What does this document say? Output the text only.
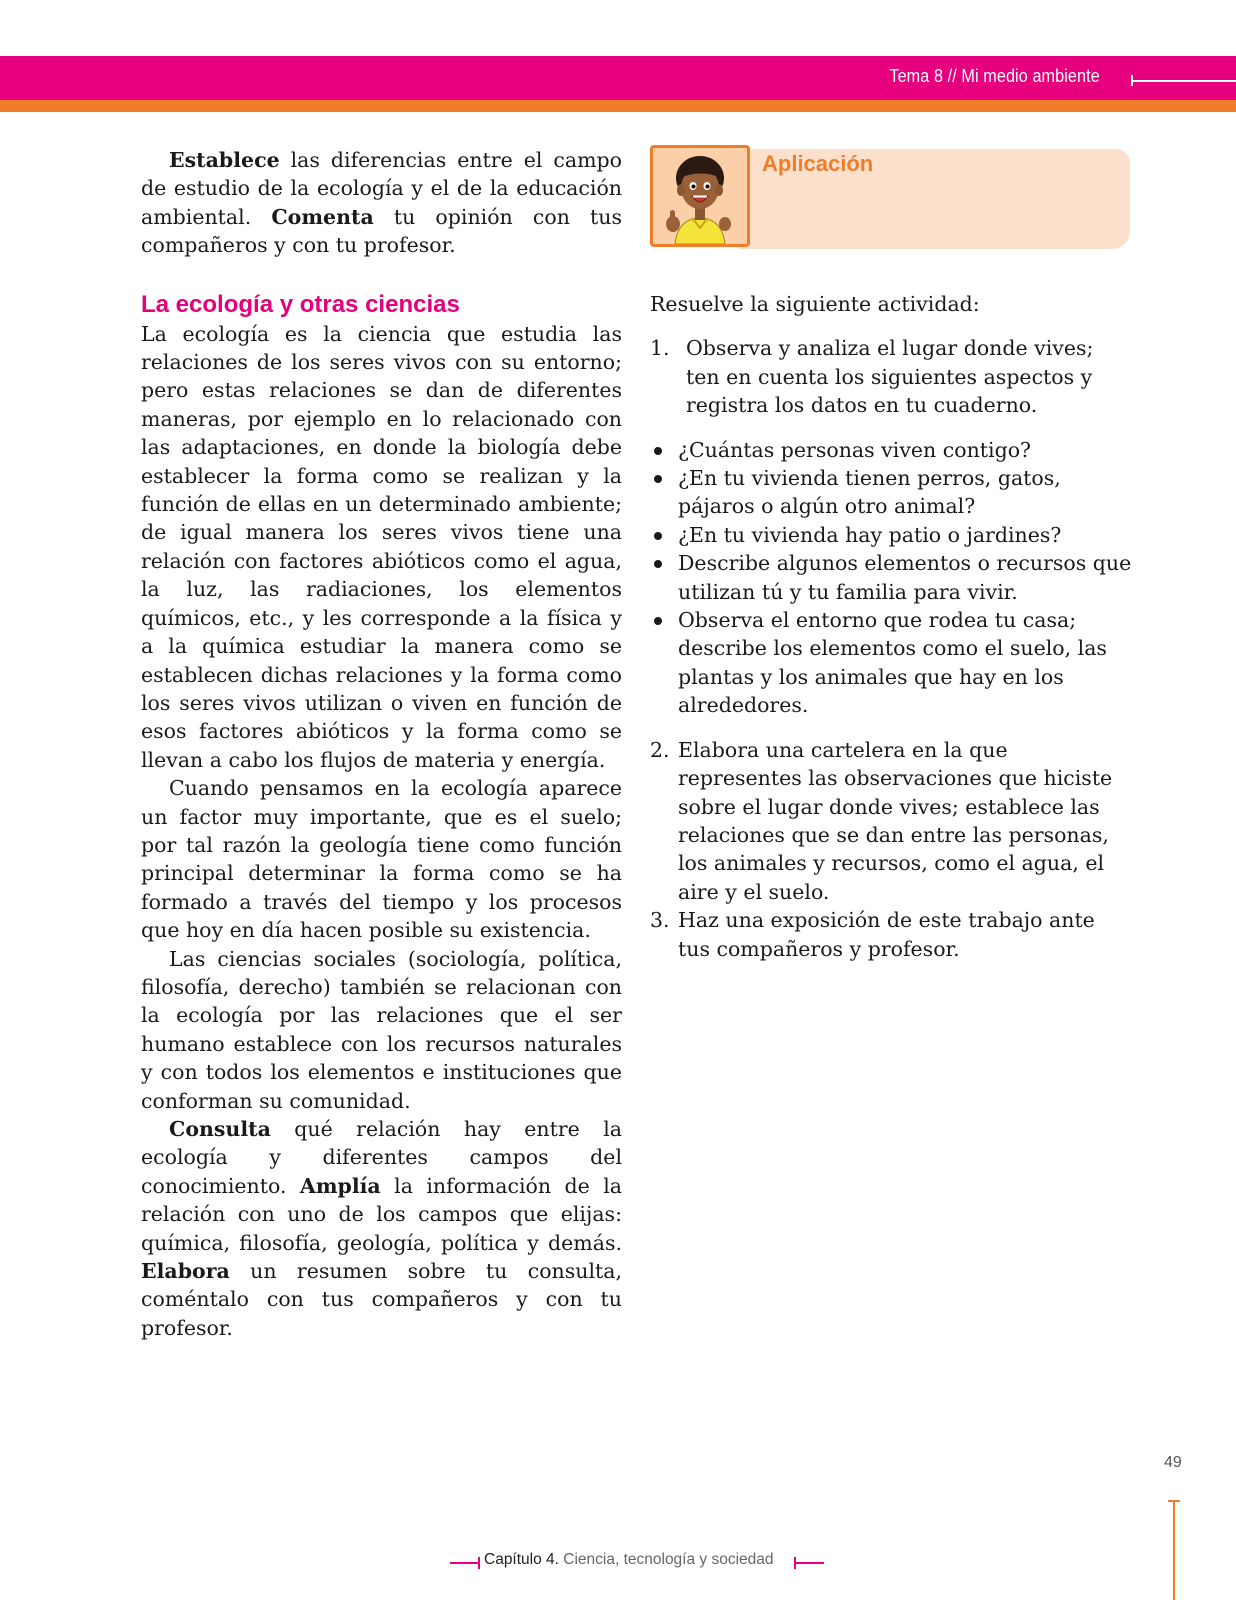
Tema 8 // Mi medio ambiente

Establece las diferencias entre el campo de estudio de la ecología y el de la educación ambiental. Comenta tu opinión con tus compañeros y con tu profesor.

La ecología y otras ciencias

La ecología es la ciencia que estudia las relaciones de los seres vivos con su entorno; pero estas relaciones se dan de diferentes maneras, por ejemplo en lo relacionado con las adaptaciones, en donde la biología debe establecer la forma como se realizan y la función de ellas en un determinado ambiente; de igual manera los seres vivos tiene una relación con factores abióticos como el agua, la luz, las radiaciones, los elementos químicos, etc., y les corresponde a la física y a la química estudiar la manera como se establecen dichas relaciones y la forma como los seres vivos utilizan o viven en función de esos factores abióticos y la forma como se llevan a cabo los flujos de materia y energía.

Cuando pensamos en la ecología aparece un factor muy importante, que es el suelo; por tal razón la geología tiene como función principal determinar la forma como se ha formado a través del tiempo y los procesos que hoy en día hacen posible su existencia.

Las ciencias sociales (sociología, política, filosofía, derecho) también se relacionan con la ecología por las relaciones que el ser humano establece con los recursos naturales y con todos los elementos e instituciones que conforman su comunidad.

Consulta qué relación hay entre la ecología y diferentes campos del conocimiento. Amplía la información de la relación con uno de los campos que elijas: química, filosofía, geología, política y demás. Elabora un resumen sobre tu consulta, coméntalo con tus compañeros y con tu profesor.

Aplicación

Resuelve la siguiente actividad:

1. Observa y analiza el lugar donde vives; ten en cuenta los siguientes aspectos y registra los datos en tu cuaderno.
¿Cuántas personas viven contigo?
¿En tu vivienda tienen perros, gatos, pájaros o algún otro animal?
¿En tu vivienda hay patio o jardines?
Describe algunos elementos o recursos que utilizan tú y tu familia para vivir.
Observa el entorno que rodea tu casa; describe los elementos como el suelo, las plantas y los animales que hay en los alrededores.
2. Elabora una cartelera en la que representes las observaciones que hiciste sobre el lugar donde vives; establece las relaciones que se dan entre las personas, los animales y recursos, como el agua, el aire y el suelo.
3. Haz una exposición de este trabajo ante tus compañeros y profesor.
49
Capítulo 4. Ciencia, tecnología y sociedad
